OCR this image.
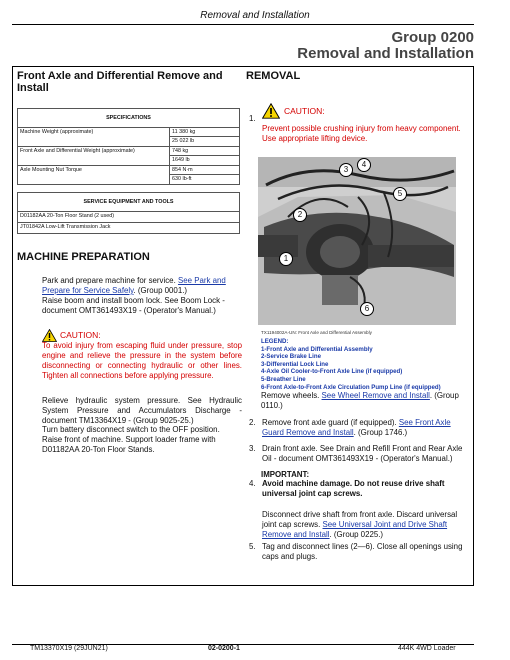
Removal and Installation
Group 0200
Removal and Installation
Front Axle and Differential Remove and Install
SPECIFICATIONS	
Machine Weight (approximate)	11 380 kg
25 022 lb

Front Axle and Differential Weight (approximate)	748 kg
1649 lb

Axle Mounting Nut Torque	854 N·m
630 lb-ft
SERVICE EQUIPMENT AND TOOLS
D01182AA 20-Ton Floor Stand (2 used)
JT01842A Low-Lift Transmission Jack
MACHINE PREPARATION
Park and prepare machine for service. See Park and Prepare for Service Safely. (Group 0001.)
Raise boom and install boom lock. See Boom Lock - document OMT361493X19 - (Operator's Manual.)
CAUTION:
To avoid injury from escaping fluid under pressure, stop engine and relieve the pressure in the system before disconnecting or connecting hydraulic or other lines. Tighten all connections before applying pressure.
Relieve hydraulic system pressure. See Hydraulic System Pressure and Accumulators Discharge - document TM13364X19 - (Group 9025-25.)
Turn battery disconnect switch to the OFF position.
Raise front of machine. Support loader frame with D01182AA 20-Ton Floor Stands.
REMOVAL
1.
CAUTION:
Prevent possible crushing injury from heavy component. Use appropriate lifting device.
1
2
3
4
5
6
TX1194002A-UN: Front Axle and Differential Assembly
LEGEND:
1-Front Axle and Differential Assembly
2-Service Brake Line
3-Differential Lock Line
4-Axle Oil Cooler-to-Front Axle Line (if equipped)
5-Breather Line
6-Front Axle-to-Front Axle Circulation Pump Line (if equipped)
Remove wheels. See Wheel Remove and Install. (Group 0110.)
2. Remove front axle guard (if equipped). See Front Axle Guard Remove and Install. (Group 1746.)
3. Drain front axle. See Drain and Refill Front and Rear Axle Oil - document OMT361493X19 - (Operator's Manual.)
IMPORTANT:
4. Avoid machine damage. Do not reuse drive shaft universal joint cap screws.
Disconnect drive shaft from front axle. Discard universal joint cap screws. See Universal Joint and Drive Shaft Remove and Install. (Group 0225.)
5. Tag and disconnect lines (2—6). Close all openings using caps and plugs.
TM13370X19 (29JUN21)	02-0200-1	444K 4WD Loader
